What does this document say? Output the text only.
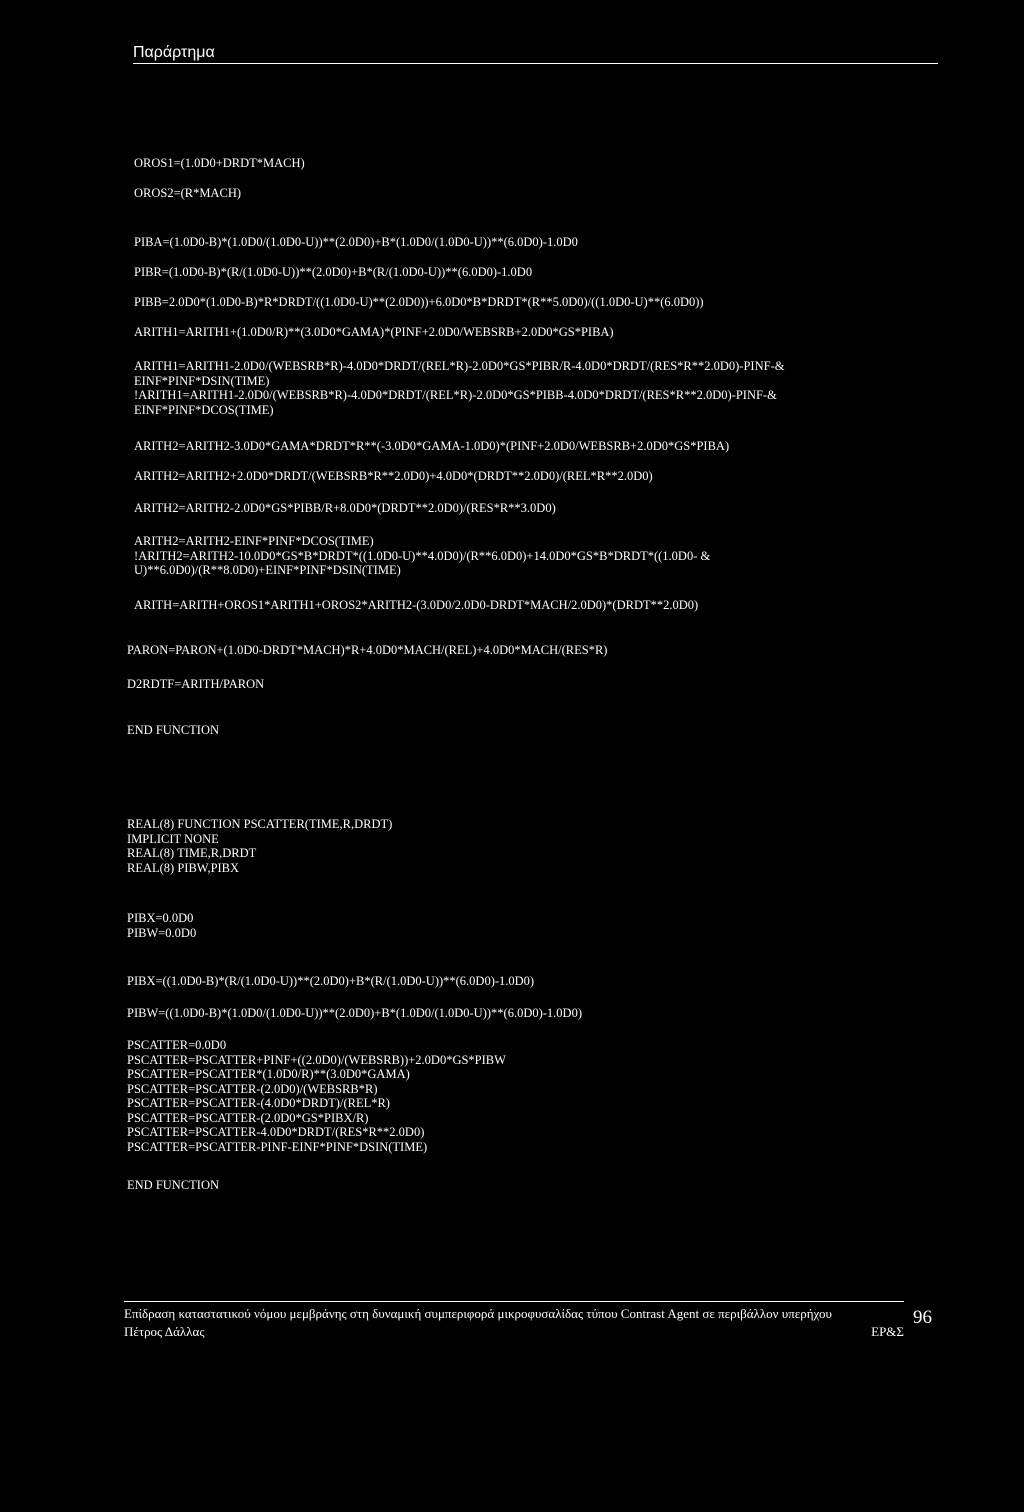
Παράρτημα
OROS1=(1.0D0+DRDT*MACH)
OROS2=(R*MACH)
PIBA=(1.0D0-B)*(1.0D0/(1.0D0-U))**(2.0D0)+B*(1.0D0/(1.0D0-U))**(6.0D0)-1.0D0
PIBR=(1.0D0-B)*(R/(1.0D0-U))**(2.0D0)+B*(R/(1.0D0-U))**(6.0D0)-1.0D0
PIBB=2.0D0*(1.0D0-B)*R*DRDT/((1.0D0-U)**(2.0D0))+6.0D0*B*DRDT*(R**5.0D0)/((1.0D0-U)**(6.0D0))
ARITH1=ARITH1+(1.0D0/R)**(3.0D0*GAMA)*(PINF+2.0D0/WEBSRB+2.0D0*GS*PIBA)
ARITH1=ARITH1-2.0D0/(WEBSRB*R)-4.0D0*DRDT/(REL*R)-2.0D0*GS*PIBR/R-4.0D0*DRDT/(RES*R**2.0D0)-PINF-&
EINF*PINF*DSIN(TIME)
!ARITH1=ARITH1-2.0D0/(WEBSRB*R)-4.0D0*DRDT/(REL*R)-2.0D0*GS*PIBB-4.0D0*DRDT/(RES*R**2.0D0)-PINF-&
EINF*PINF*DCOS(TIME)
ARITH2=ARITH2-3.0D0*GAMA*DRDT*R**(-3.0D0*GAMA-1.0D0)*(PINF+2.0D0/WEBSRB+2.0D0*GS*PIBA)
ARITH2=ARITH2+2.0D0*DRDT/(WEBSRB*R**2.0D0)+4.0D0*(DRDT**2.0D0)/(REL*R**2.0D0)
ARITH2=ARITH2-2.0D0*GS*PIBB/R+8.0D0*(DRDT**2.0D0)/(RES*R**3.0D0)
ARITH2=ARITH2-EINF*PINF*DCOS(TIME)
!ARITH2=ARITH2-10.0D0*GS*B*DRDT*((1.0D0-U)**4.0D0)/(R**6.0D0)+14.0D0*GS*B*DRDT*((1.0D0- &
U)**6.0D0)/(R**8.0D0)+EINF*PINF*DSIN(TIME)
ARITH=ARITH+OROS1*ARITH1+OROS2*ARITH2-(3.0D0/2.0D0-DRDT*MACH/2.0D0)*(DRDT**2.0D0)
PARON=PARON+(1.0D0-DRDT*MACH)*R+4.0D0*MACH/(REL)+4.0D0*MACH/(RES*R)
D2RDTF=ARITH/PARON
END FUNCTION
REAL(8) FUNCTION PSCATTER(TIME,R,DRDT)
IMPLICIT NONE
REAL(8) TIME,R,DRDT
REAL(8) PIBW,PIBX
PIBX=0.0D0
PIBW=0.0D0
PIBX=((1.0D0-B)*(R/(1.0D0-U))**(2.0D0)+B*(R/(1.0D0-U))**(6.0D0)-1.0D0)
PIBW=((1.0D0-B)*(1.0D0/(1.0D0-U))**(2.0D0)+B*(1.0D0/(1.0D0-U))**(6.0D0)-1.0D0)
PSCATTER=0.0D0
PSCATTER=PSCATTER+PINF+((2.0D0)/(WEBSRB))+2.0D0*GS*PIBW
PSCATTER=PSCATTER*(1.0D0/R)**(3.0D0*GAMA)
PSCATTER=PSCATTER-(2.0D0)/(WEBSRB*R)
PSCATTER=PSCATTER-(4.0D0*DRDT)/(REL*R)
PSCATTER=PSCATTER-(2.0D0*GS*PIBX/R)
PSCATTER=PSCATTER-4.0D0*DRDT/(RES*R**2.0D0)
PSCATTER=PSCATTER-PINF-EINF*PINF*DSIN(TIME)
END FUNCTION
Επίδραση καταστατικού νόμου μεμβράνης στη δυναμική συμπεριφορά μικροφυσαλίδας τύπου Contrast Agent σε περιβάλλον υπερήχου
Πέτρος Δάλλας	ΕΡ&Σ
96
